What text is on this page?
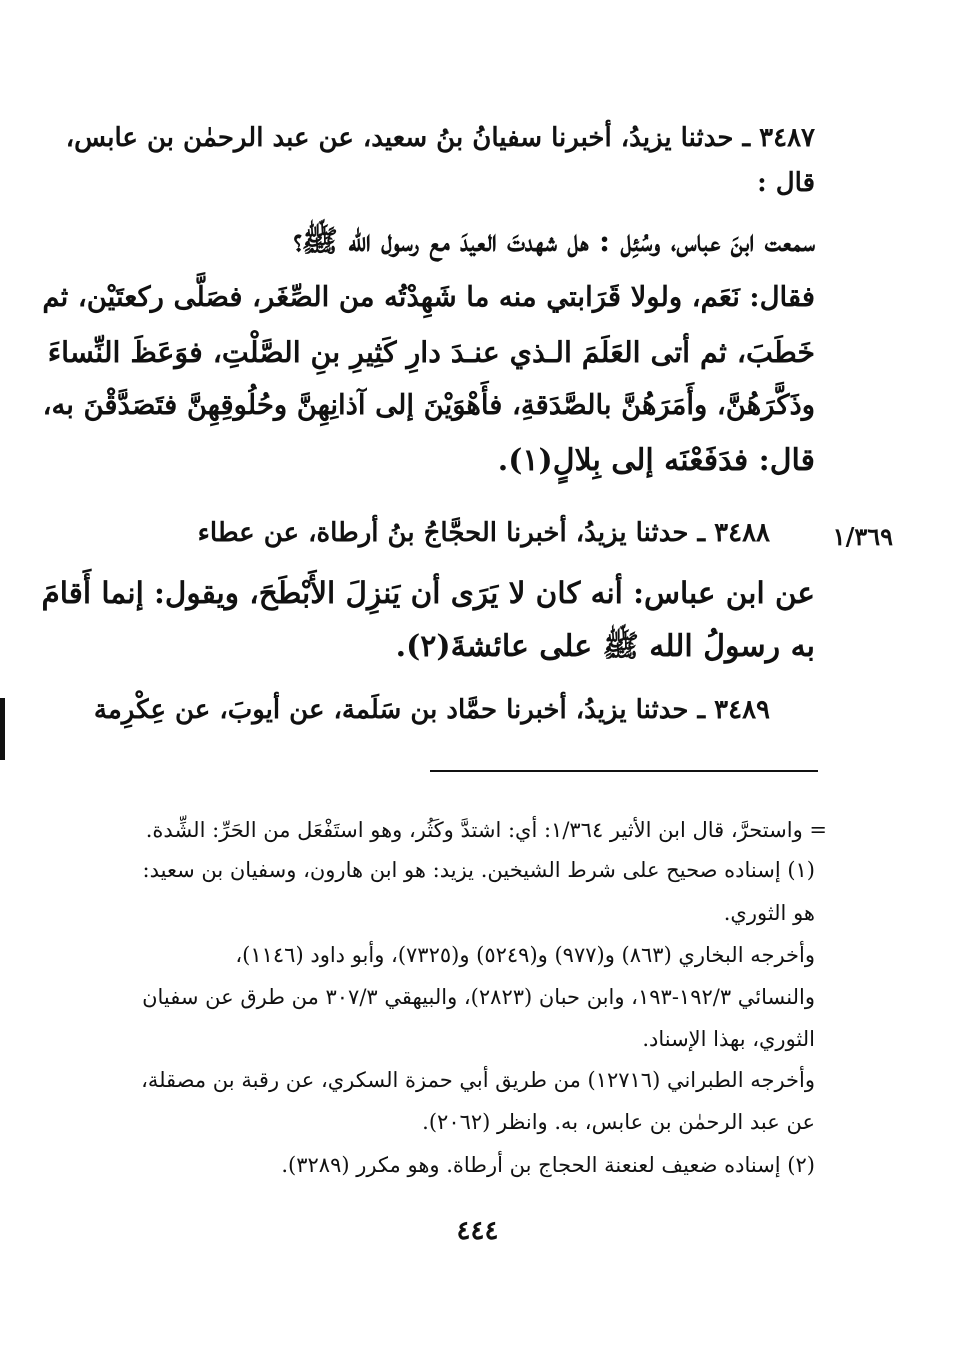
٣٤٨٧ ـ حدثنا يزيدُ، أخبرنا سفيانُ بنُ سعيد، عن عبد الرحمٰن بن عابس،
قال :
سمعت ابنَ عباس، وسُئِل : هل شهدتَ العيدَ مع رسول الله ﷺ؟
فقال: نَعَم، ولولا قَرَابتي منه ما شَهِدْتُه من الصِّغَر، فصَلَّى ركعتَيْن، ثم
خَطَبَ، ثم أتى العَلَمَ الـذي عنـدَ دارِ كَثِيرِ بنِ الصَّلْتِ، فوَعَظَ النِّساءَ
وذَكَّرَهُنَّ، وأَمَرَهُنَّ بالصَّدَقةِ، فأَهْوَيْنَ إلى آذانِهِنَّ وحُلُوقِهِنَّ فتَصَدَّقْنَ به،
قال: فدَفَعْنَه إلى بِلالٍ(١).
١/٣٦٩
٣٤٨٨ ـ حدثنا يزيدُ، أخبرنا الحجَّاجُ بنُ أرطاة، عن عطاء
عن ابن عباس: أنه كان لا يَرَى أن يَنزِلَ الأَبْطَحَ، ويقول: إنما أَقامَ
به رسولُ الله ﷺ على عائشةَ(٢).
٣٤٨٩ ـ حدثنا يزيدُ، أخبرنا حمَّاد بن سَلَمة، عن أيوبَ، عن عِكْرِمة
= واستحرَّ، قال ابن الأثير ١/٣٦٤: أي: اشتدَّ وكَثُر، وهو استَفْعَل من الحَرِّ: الشِّدة.
(١) إسناده صحيح على شرط الشيخين. يزيد: هو ابن هارون، وسفيان بن سعيد:
هو الثوري.
وأخرجه البخاري (٨٦٣) و(٩٧٧) و(٥٢٤٩) و(٧٣٢٥)، وأبو داود (١١٤٦)،
والنسائي ١٩٢/٣-١٩٣، وابن حبان (٢٨٢٣)، والبيهقي ٣٠٧/٣ من طرق عن سفيان
الثوري، بهذا الإسناد.
وأخرجه الطبراني (١٢٧١٦) من طريق أبي حمزة السكري، عن رقبة بن مصقلة،
عن عبد الرحمٰن بن عابس، به. وانظر (٢٠٦٢).
(٢) إسناده ضعيف لعنعنة الحجاج بن أرطاة. وهو مكرر (٣٢٨٩).
٤٤٤
